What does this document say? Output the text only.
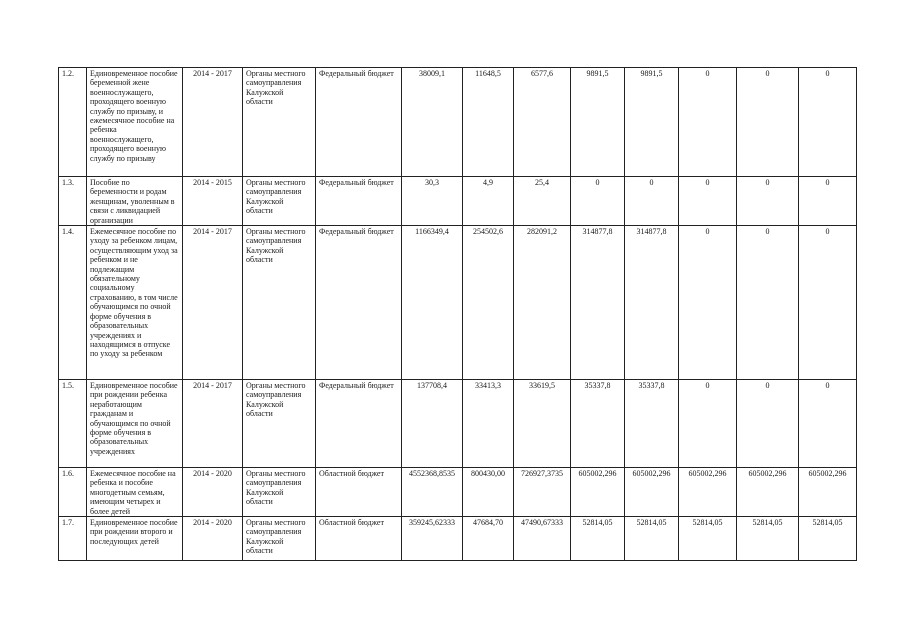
1.2.	Единовременное пособие беременной жене военнослужащего, проходящего военную службу по призыву, и ежемесячное пособие на ребенка военнослужащего, проходящего военную службу по призыву	2014 - 2017	Органы местного самоуправления Калужской области	Федеральный бюджет	38009,1	11648,5	6577,6	9891,5	9891,5	0	0	0
1.3.	Пособие по беременности и родам женщинам, уволенным в связи с ликвидацией организации	2014 - 2015	Органы местного самоуправления Калужской области	Федеральный бюджет	30,3	4,9	25,4	0	0	0	0	0
1.4.	Ежемесячное пособие по уходу за ребенком лицам, осуществляющим уход за ребенком и не подлежащим обязательному социальному страхованию, в том числе обучающимся по очной форме обучения в образовательных учреждениях и находящимся в отпуске по уходу за ребенком	2014 - 2017	Органы местного самоуправления Калужской области	Федеральный бюджет	1166349,4	254502,6	282091,2	314877,8	314877,8	0	0	0
1.5.	Единовременное пособие при рождении ребенка неработающим гражданам и обучающимся по очной форме обучения в образовательных учреждениях	2014 - 2017	Органы местного самоуправления Калужской области	Федеральный бюджет	137708,4	33413,3	33619,5	35337,8	35337,8	0	0	0
1.6.	Ежемесячное пособие на ребенка и пособие многодетным семьям, имеющим четырех и более детей	2014 - 2020	Органы местного самоуправления Калужской области	Областной бюджет	4552368,8535	800430,00	726927,3735	605002,296	605002,296	605002,296	605002,296	605002,296
1.7.	Единовременное пособие при рождении второго и последующих детей	2014 - 2020	Органы местного самоуправления Калужской области	Областной бюджет	359245,62333	47684,70	47490,67333	52814,05	52814,05	52814,05	52814,05	52814,05
